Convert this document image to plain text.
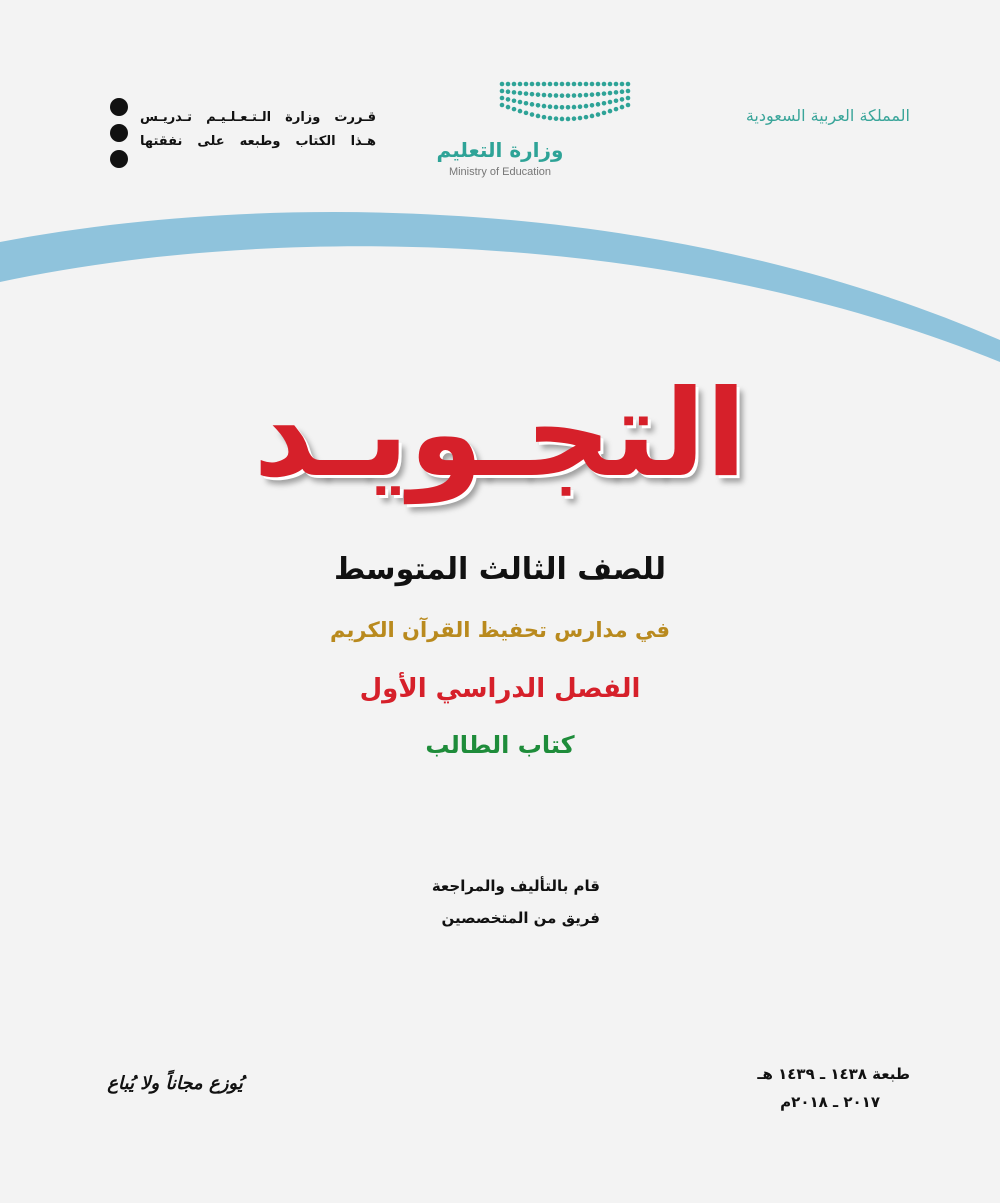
المملكة العربية السعودية
وزارة التعليم
Ministry of Education
قـررت وزارة الـتـعـلـيـم تـدريـس
هـذا الكتاب وطبعه على نفقتها
التجـويـد
للصف الثالث المتوسط
في مدارس تحفيظ القرآن الكريم
الفصل الدراسي الأول
كتاب الطالب
قام بالتأليف والمراجعة
فريق من المتخصصين
يُوزع مجاناً ولا يُباع	طبعة ١٤٣٨ ـ ١٤٣٩ هـ
٢٠١٧ ـ ٢٠١٨م
